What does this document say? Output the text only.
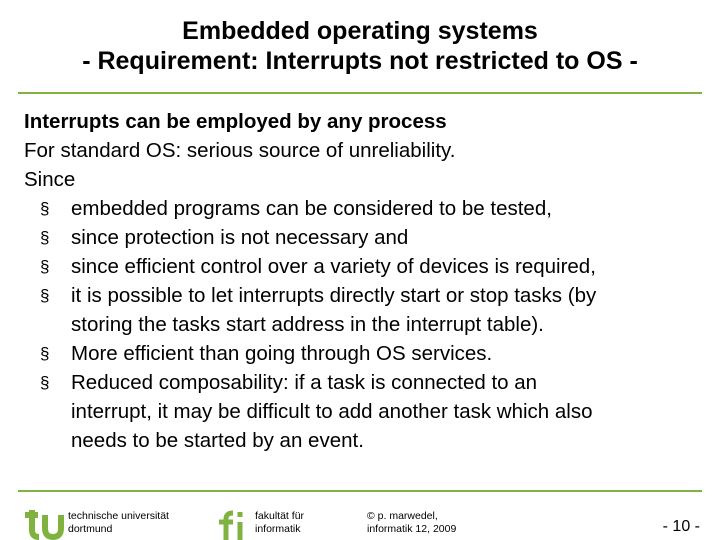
Embedded operating systems
- Requirement: Interrupts not restricted to OS -
Interrupts can be employed by any process
For standard OS: serious source of unreliability.
Since
§ embedded programs can be considered to be tested,
§ since protection is not necessary and
§ since efficient control over a variety of devices is required,
§ it is possible to let interrupts directly start or stop tasks (by
storing the tasks start address in the interrupt table).
§ More efficient than going through OS services.
§ Reduced composability: if a task is connected to an
interrupt, it may be difficult to add another task which also
needs to be started by an event.
technische universität
dortmund
fakultät für
informatik
© p. marwedel,
informatik 12, 2009	- 10 -
